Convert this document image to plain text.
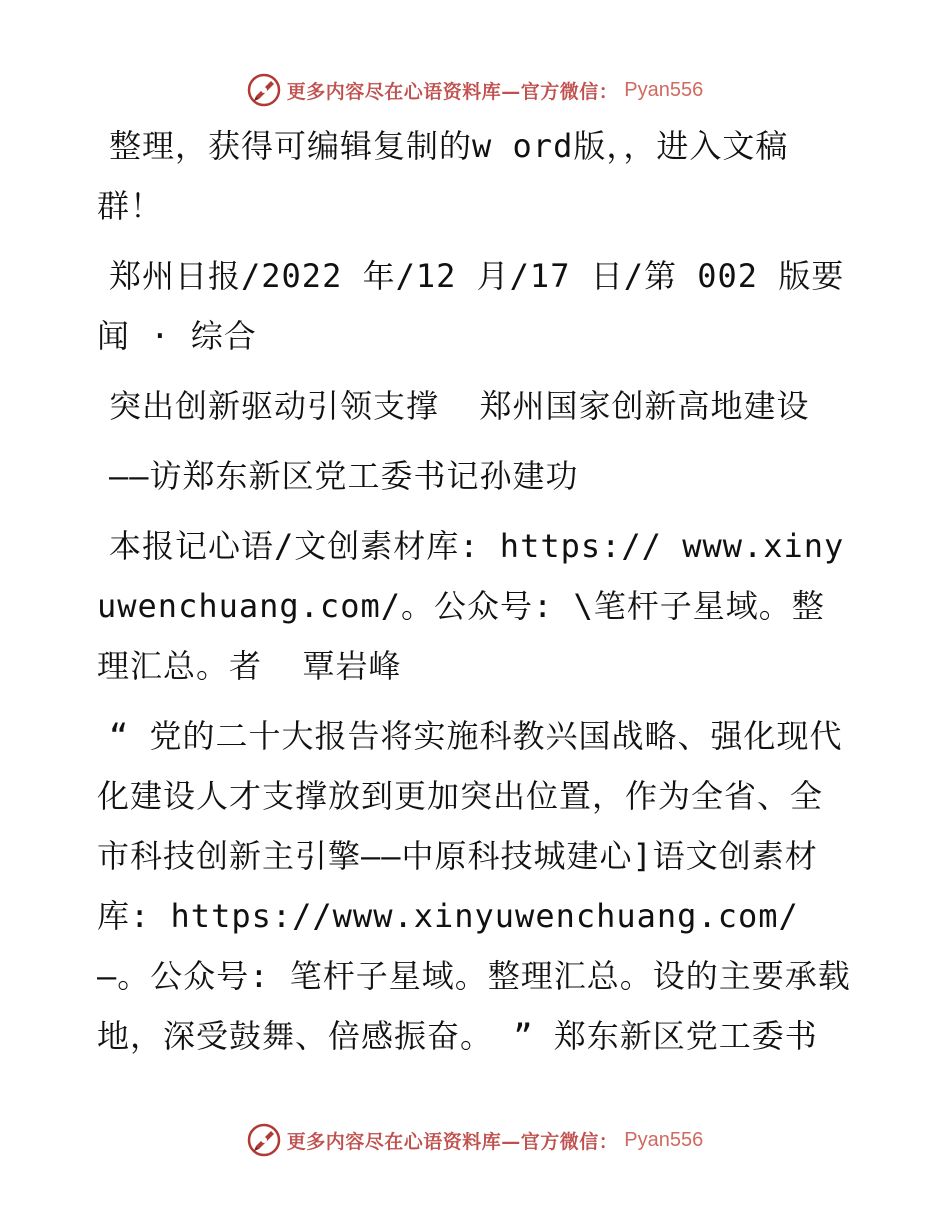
更多内容尽在心语资料库—官方微信： Pyan556

整理，获得可编辑复制的w ord版，，进入文稿群！

郑州日报/2022 年/12 月/17 日/第 002 版要闻 · 综合

突出创新驱动引领支撑  郑州国家创新高地建设

——访郑东新区党工委书记孙建功

本报记心语/文创素材库: https:// www.xinyuwenchuang.com/。公众号: \笔杆子星域。整理汇总。者  覃岩峰

“ 党的二十大报告将实施科教兴国战略、强化现代化建设人才支撑放到更加突出位置，作为全省、全市科技创新主引擎——中原科技城建心]语文创素材库: https://www.xinyuwenchuang.com/—。公众号: 笔杆子星域。整理汇总。设的主要承载地，深受鼓舞、倍感振奋。 ” 郑东新区党工委书

更多内容尽在心语资料库—官方微信： Pyan556
